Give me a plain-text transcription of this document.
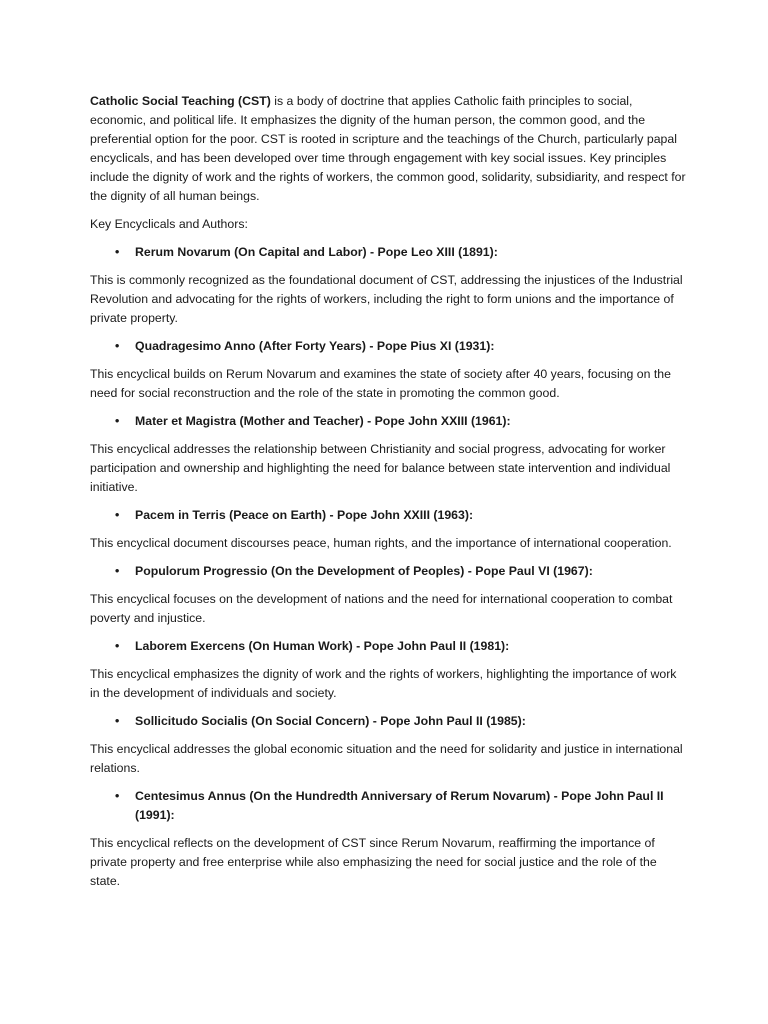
Catholic Social Teaching (CST) is a body of doctrine that applies Catholic faith principles to social, economic, and political life. It emphasizes the dignity of the human person, the common good, and the preferential option for the poor. CST is rooted in scripture and the teachings of the Church, particularly papal encyclicals, and has been developed over time through engagement with key social issues. Key principles include the dignity of work and the rights of workers, the common good, solidarity, subsidiarity, and respect for the dignity of all human beings.

Key Encyclicals and Authors:

• Rerum Novarum (On Capital and Labor) - Pope Leo XIII (1891):

This is commonly recognized as the foundational document of CST, addressing the injustices of the Industrial Revolution and advocating for the rights of workers, including the right to form unions and the importance of private property.

• Quadragesimo Anno (After Forty Years) - Pope Pius XI (1931):

This encyclical builds on Rerum Novarum and examines the state of society after 40 years, focusing on the need for social reconstruction and the role of the state in promoting the common good.

• Mater et Magistra (Mother and Teacher) - Pope John XXIII (1961):

This encyclical addresses the relationship between Christianity and social progress, advocating for worker participation and ownership and highlighting the need for balance between state intervention and individual initiative.

• Pacem in Terris (Peace on Earth) - Pope John XXIII (1963):

This encyclical document discourses peace, human rights, and the importance of international cooperation.

• Populorum Progressio (On the Development of Peoples) - Pope Paul VI (1967):

This encyclical focuses on the development of nations and the need for international cooperation to combat poverty and injustice.

• Laborem Exercens (On Human Work) - Pope John Paul II (1981):

This encyclical emphasizes the dignity of work and the rights of workers, highlighting the importance of work in the development of individuals and society.

• Sollicitudo Socialis (On Social Concern) - Pope John Paul II (1985):

This encyclical addresses the global economic situation and the need for solidarity and justice in international relations.

• Centesimus Annus (On the Hundredth Anniversary of Rerum Novarum) - Pope John Paul II (1991):

This encyclical reflects on the development of CST since Rerum Novarum, reaffirming the importance of private property and free enterprise while also emphasizing the need for social justice and the role of the state.
